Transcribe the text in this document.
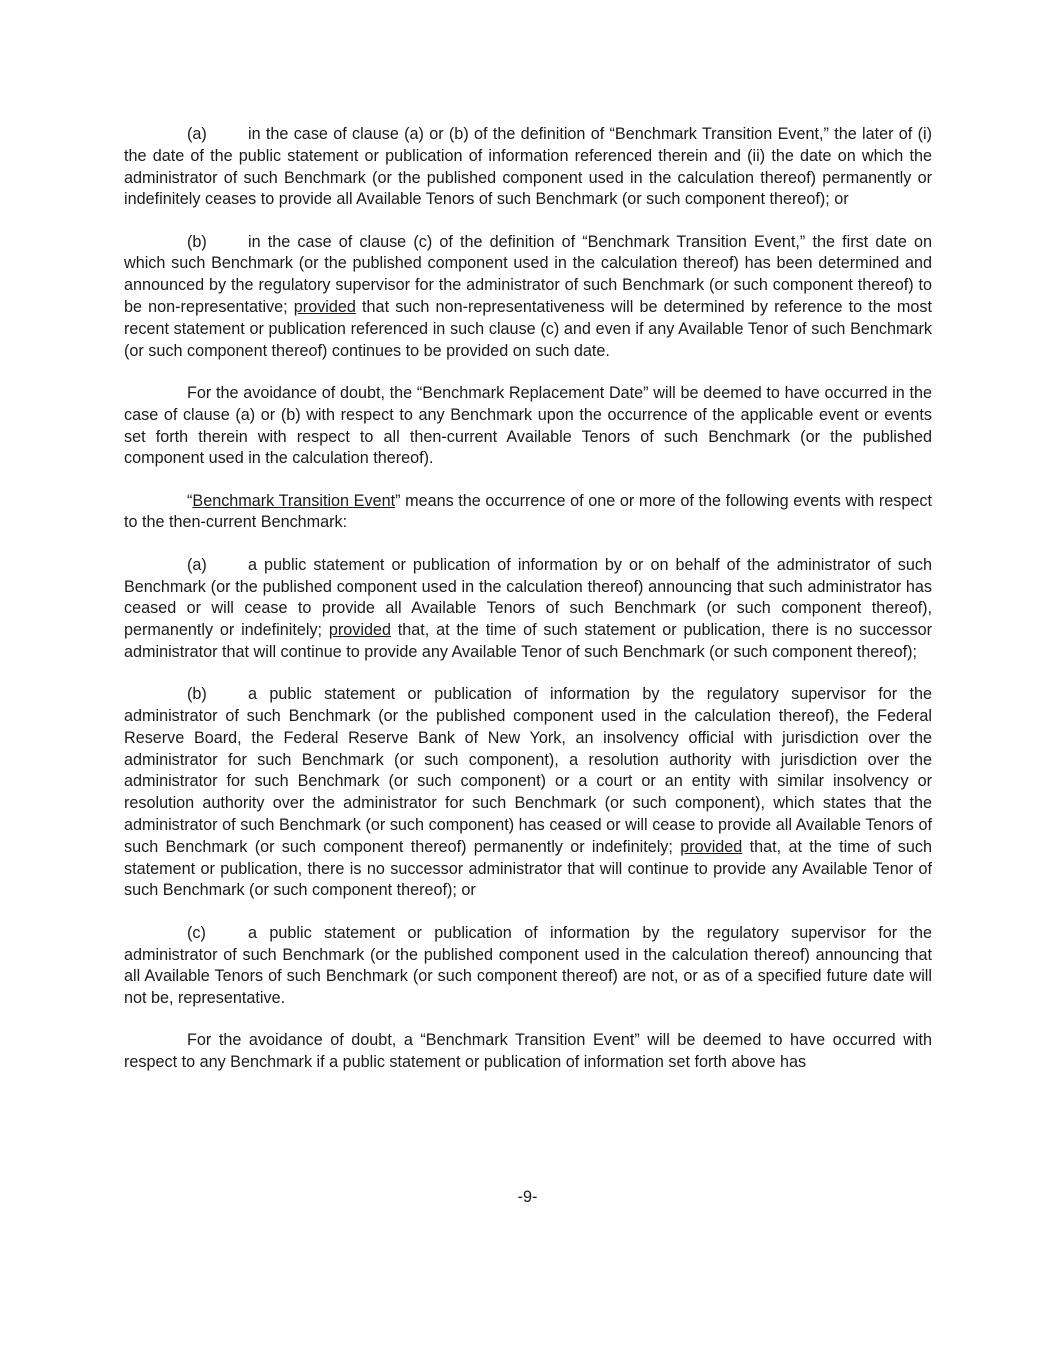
(a)	in the case of clause (a) or (b) of the definition of “Benchmark Transition Event,” the later of (i) the date of the public statement or publication of information referenced therein and (ii) the date on which the administrator of such Benchmark (or the published component used in the calculation thereof) permanently or indefinitely ceases to provide all Available Tenors of such Benchmark (or such component thereof); or

(b)	in the case of clause (c) of the definition of “Benchmark Transition Event,” the first date on which such Benchmark (or the published component used in the calculation thereof) has been determined and announced by the regulatory supervisor for the administrator of such Benchmark (or such component thereof) to be non-representative; provided that such non-representativeness will be determined by reference to the most recent statement or publication referenced in such clause (c) and even if any Available Tenor of such Benchmark (or such component thereof) continues to be provided on such date.

For the avoidance of doubt, the “Benchmark Replacement Date” will be deemed to have occurred in the case of clause (a) or (b) with respect to any Benchmark upon the occurrence of the applicable event or events set forth therein with respect to all then-current Available Tenors of such Benchmark (or the published component used in the calculation thereof).

“Benchmark Transition Event” means the occurrence of one or more of the following events with respect to the then-current Benchmark:

(a)	a public statement or publication of information by or on behalf of the administrator of such Benchmark (or the published component used in the calculation thereof) announcing that such administrator has ceased or will cease to provide all Available Tenors of such Benchmark (or such component thereof), permanently or indefinitely; provided that, at the time of such statement or publication, there is no successor administrator that will continue to provide any Available Tenor of such Benchmark (or such component thereof);

(b)	a public statement or publication of information by the regulatory supervisor for the administrator of such Benchmark (or the published component used in the calculation thereof), the Federal Reserve Board, the Federal Reserve Bank of New York, an insolvency official with jurisdiction over the administrator for such Benchmark (or such component), a resolution authority with jurisdiction over the administrator for such Benchmark (or such component) or a court or an entity with similar insolvency or resolution authority over the administrator for such Benchmark (or such component), which states that the administrator of such Benchmark (or such component) has ceased or will cease to provide all Available Tenors of such Benchmark (or such component thereof) permanently or indefinitely; provided that, at the time of such statement or publication, there is no successor administrator that will continue to provide any Available Tenor of such Benchmark (or such component thereof); or

(c)	a public statement or publication of information by the regulatory supervisor for the administrator of such Benchmark (or the published component used in the calculation thereof) announcing that all Available Tenors of such Benchmark (or such component thereof) are not, or as of a specified future date will not be, representative.

For the avoidance of doubt, a “Benchmark Transition Event” will be deemed to have occurred with respect to any Benchmark if a public statement or publication of information set forth above has

-9-
